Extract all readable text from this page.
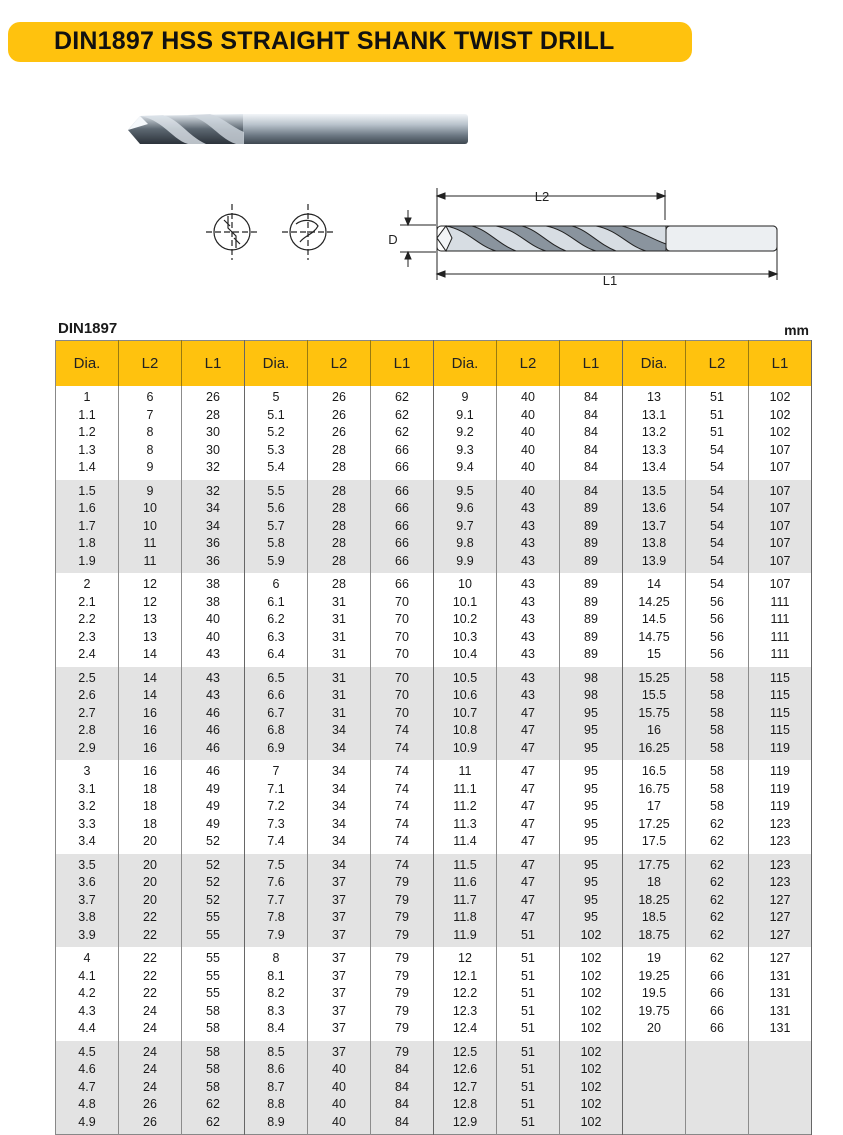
DIN1897 HSS STRAIGHT SHANK TWIST DRILL
L2
L1
D
DIN1897	mm
Dia.	L2	L1	Dia.	L2	L1	Dia.	L2	L1	Dia.	L2	L1
1	6	26	5	26	62	9	40	84	13	51	102
1.1	7	28	5.1	26	62	9.1	40	84	13.1	51	102
1.2	8	30	5.2	26	62	9.2	40	84	13.2	51	102
1.3	8	30	5.3	28	66	9.3	40	84	13.3	54	107
1.4	9	32	5.4	28	66	9.4	40	84	13.4	54	107
1.5	9	32	5.5	28	66	9.5	40	84	13.5	54	107
1.6	10	34	5.6	28	66	9.6	43	89	13.6	54	107
1.7	10	34	5.7	28	66	9.7	43	89	13.7	54	107
1.8	11	36	5.8	28	66	9.8	43	89	13.8	54	107
1.9	11	36	5.9	28	66	9.9	43	89	13.9	54	107
2	12	38	6	28	66	10	43	89	14	54	107
2.1	12	38	6.1	31	70	10.1	43	89	14.25	56	111
2.2	13	40	6.2	31	70	10.2	43	89	14.5	56	111
2.3	13	40	6.3	31	70	10.3	43	89	14.75	56	111
2.4	14	43	6.4	31	70	10.4	43	89	15	56	111
2.5	14	43	6.5	31	70	10.5	43	98	15.25	58	115
2.6	14	43	6.6	31	70	10.6	43	98	15.5	58	115
2.7	16	46	6.7	31	70	10.7	47	95	15.75	58	115
2.8	16	46	6.8	34	74	10.8	47	95	16	58	115
2.9	16	46	6.9	34	74	10.9	47	95	16.25	58	119
3	16	46	7	34	74	11	47	95	16.5	58	119
3.1	18	49	7.1	34	74	11.1	47	95	16.75	58	119
3.2	18	49	7.2	34	74	11.2	47	95	17	58	119
3.3	18	49	7.3	34	74	11.3	47	95	17.25	62	123
3.4	20	52	7.4	34	74	11.4	47	95	17.5	62	123
3.5	20	52	7.5	34	74	11.5	47	95	17.75	62	123
3.6	20	52	7.6	37	79	11.6	47	95	18	62	123
3.7	20	52	7.7	37	79	11.7	47	95	18.25	62	127
3.8	22	55	7.8	37	79	11.8	47	95	18.5	62	127
3.9	22	55	7.9	37	79	11.9	51	102	18.75	62	127
4	22	55	8	37	79	12	51	102	19	62	127
4.1	22	55	8.1	37	79	12.1	51	102	19.25	66	131
4.2	22	55	8.2	37	79	12.2	51	102	19.5	66	131
4.3	24	58	8.3	37	79	12.3	51	102	19.75	66	131
4.4	24	58	8.4	37	79	12.4	51	102	20	66	131
4.5	24	58	8.5	37	79	12.5	51	102			
4.6	24	58	8.6	40	84	12.6	51	102			
4.7	24	58	8.7	40	84	12.7	51	102			
4.8	26	62	8.8	40	84	12.8	51	102			
4.9	26	62	8.9	40	84	12.9	51	102			
